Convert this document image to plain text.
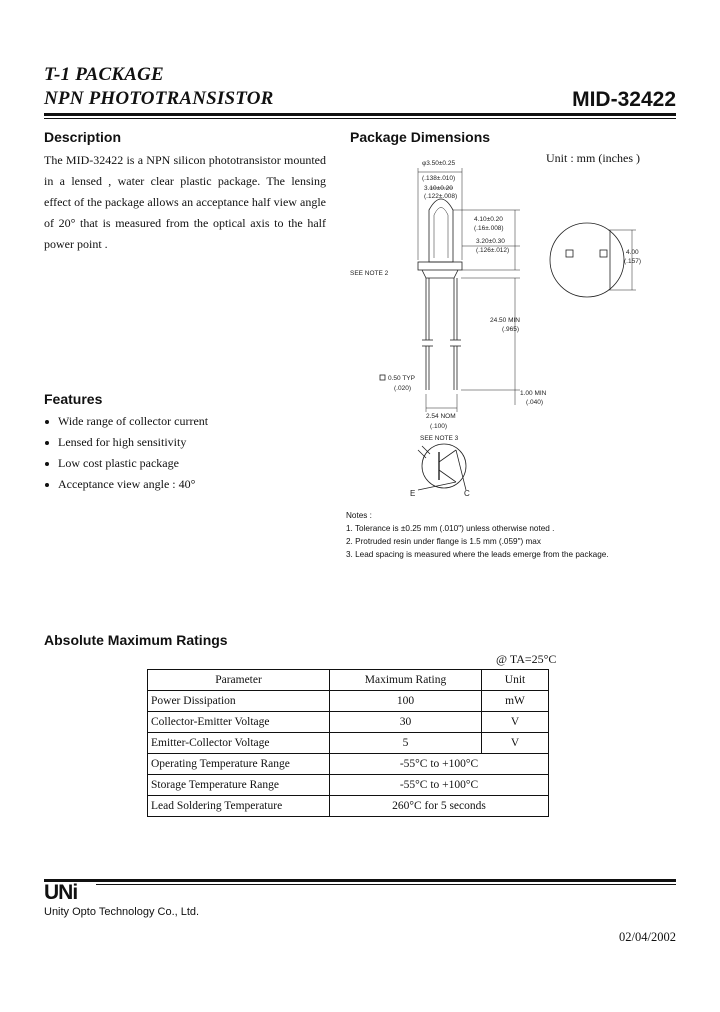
T-1 PACKAGE
NPN PHOTOTRANSISTOR	MID-32422
Description
The MID-32422 is a NPN silicon phototransistor mounted in a lensed , water clear plastic package. The lensing effect of the package allows an acceptance half view angle of 20° that is measured from the optical axis to the half power point .
Package Dimensions
Unit : mm (inches )
φ3.50±0.25
(.138±.010)
3.10±0.20
(.122±.008)
4.10±0.20
(.16±.008)
3.20±0.30
(.126±.012)
SEE NOTE 2
24.50 MIN
(.965)
0.50 TYP
(.020)
1.00 MIN
(.040)
2.54 NOM
(.100)
SEE NOTE 3
4.00
(.157)
E	C
Notes :
1. Tolerance is ±0.25 mm (.010") unless otherwise noted .
2. Protruded resin under flange is 1.5 mm (.059") max
3. Lead spacing is measured where the leads emerge from the package.
Features
Wide range of collector current
Lensed for high sensitivity
Low cost plastic package
Acceptance view angle : 40°
Absolute Maximum Ratings
@ TA=25°C
Parameter	Maximum Rating	Unit
Power Dissipation	100	mW
Collector-Emitter Voltage	30	V
Emitter-Collector Voltage	5	V
Operating Temperature Range	-55°C to +100°C	
Storage Temperature Range	-55°C to +100°C	
Lead Soldering Temperature	260°C for 5 seconds	
UNi
Unity Opto Technology Co., Ltd.
02/04/2002
